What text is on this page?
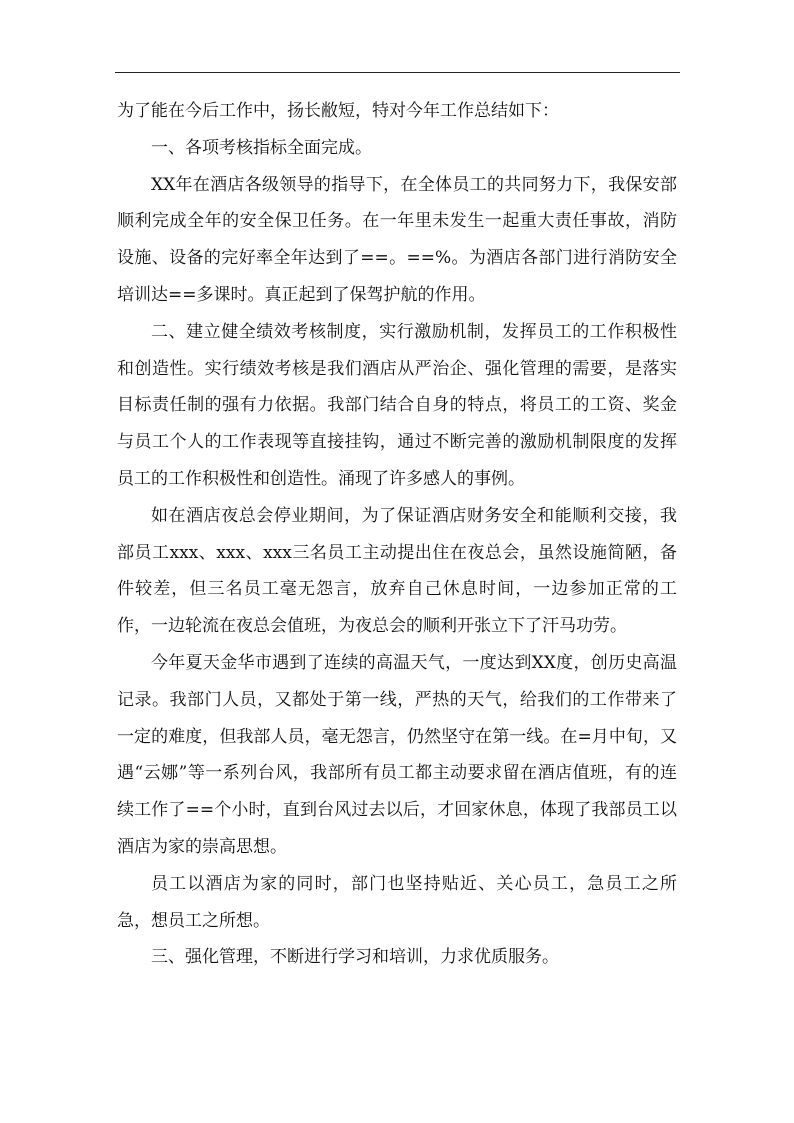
为了能在今后工作中，扬长敝短，特对今年工作总结如下：

一、各项考核指标全面完成。

XX年在酒店各级领导的指导下，在全体员工的共同努力下，我保安部顺利完成全年的安全保卫任务。在一年里未发生一起重大责任事故，消防设施、设备的完好率全年达到了==。==%。为酒店各部门进行消防安全培训达==多课时。真正起到了保驾护航的作用。

二、建立健全绩效考核制度，实行激励机制，发挥员工的工作积极性和创造性。实行绩效考核是我们酒店从严治企、强化管理的需要，是落实目标责任制的强有力依据。我部门结合自身的特点，将员工的工资、奖金与员工个人的工作表现等直接挂钩，通过不断完善的激励机制限度的发挥员工的工作积极性和创造性。涌现了许多感人的事例。

如在酒店夜总会停业期间，为了保证酒店财务安全和能顺利交接，我部员工xxx、xxx、xxx三名员工主动提出住在夜总会，虽然设施简陋，备件较差，但三名员工毫无怨言，放弃自己休息时间，一边参加正常的工作，一边轮流在夜总会值班，为夜总会的顺利开张立下了汗马功劳。

今年夏天金华市遇到了连续的高温天气，一度达到XX度，创历史高温记录。我部门人员，又都处于第一线，严热的天气，给我们的工作带来了一定的难度，但我部人员，毫无怨言，仍然坚守在第一线。在=月中旬，又遇“云娜”等一系列台风，我部所有员工都主动要求留在酒店值班，有的连续工作了==个小时，直到台风过去以后，才回家休息，体现了我部员工以酒店为家的崇高思想。

员工以酒店为家的同时，部门也坚持贴近、关心员工，急员工之所急，想员工之所想。

三、强化管理，不断进行学习和培训，力求优质服务。
